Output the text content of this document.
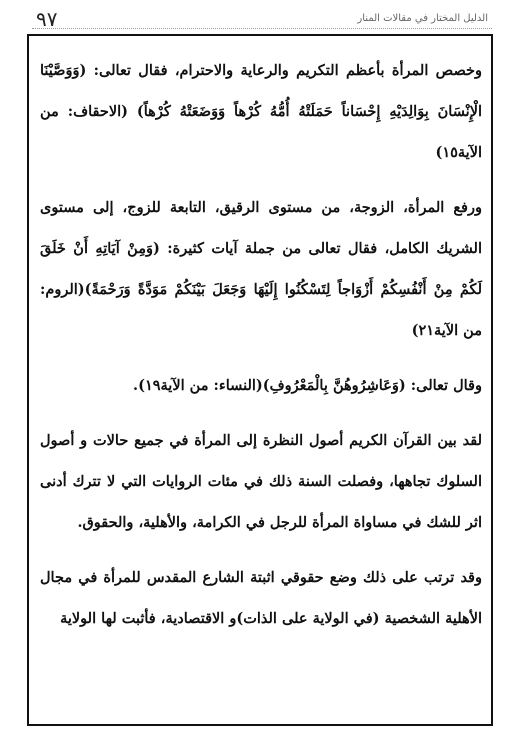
٩٧	الدليل المختار في مقالات المنار

وخصص المرأة بأعظم التكريم والرعاية والاحترام، فقال تعالى: (وَوَصَّيْنَا الْإِنْسَانَ بِوَالِدَيْهِ إِحْسَاناً حَمَلَتْهُ أُمُّهُ كُرْهاً وَوَضَعَتْهُ كُرْهاً) (الاحقاف: من الآية١٥)

ورفع المرأة، الزوجة، من مستوى الرقيق، التابعة للزوج، إلى مستوى الشريك الكامل، فقال تعالى من جملة آيات كثيرة: (وَمِنْ آيَاتِهِ أَنْ خَلَقَ لَكُمْ مِنْ أَنْفُسِكُمْ أَزْوَاجاً لِتَسْكُنُوا إِلَيْهَا وَجَعَلَ بَيْنَكُمْ مَوَدَّةً وَرَحْمَةً)(الروم: من الآية٢١)

وقال تعالى: (وَعَاشِرُوهُنَّ بِالْمَعْرُوفِ)(النساء: من الآية١٩).

لقد بين القرآن الكريم أصول النظرة إلى المرأة في جميع حالات و أصول السلوك تجاهها، وفصلت السنة ذلك في مئات الروايات التي لا تترك أدنى اثر للشك في مساواة المرأة للرجل في الكرامة، والأهلية، والحقوق.

وقد ترتب على ذلك وضع حقوقي اثبتة الشارع المقدس للمرأة في مجال الأهلية الشخصية (في الولاية على الذات)و الاقتصادية، فأثبت لها الولاية
